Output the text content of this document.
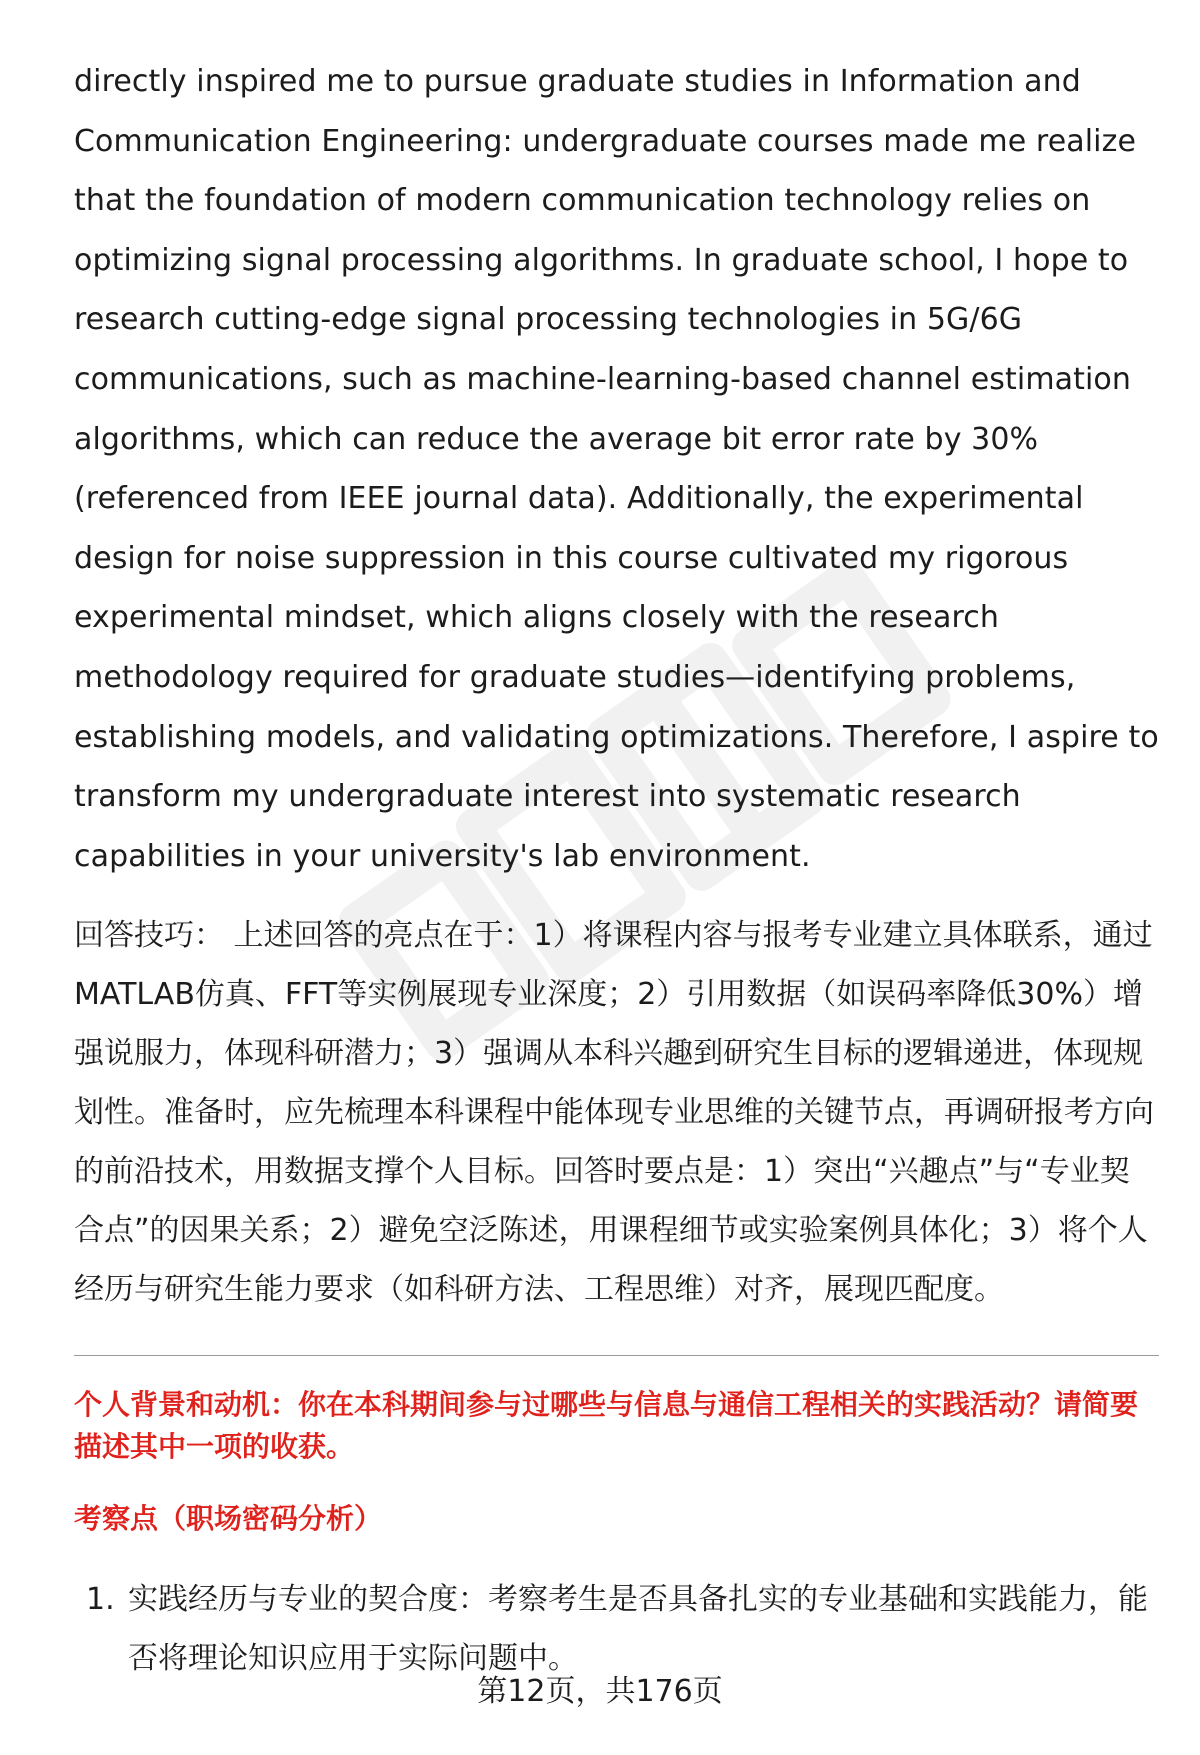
directly inspired me to pursue graduate studies in Information and Communication Engineering: undergraduate courses made me realize that the foundation of modern communication technology relies on optimizing signal processing algorithms. In graduate school, I hope to research cutting-edge signal processing technologies in 5G/6G communications, such as machine-learning-based channel estimation algorithms, which can reduce the average bit error rate by 30% (referenced from IEEE journal data). Additionally, the experimental design for noise suppression in this course cultivated my rigorous experimental mindset, which aligns closely with the research methodology required for graduate studies—identifying problems, establishing models, and validating optimizations. Therefore, I aspire to transform my undergraduate interest into systematic research capabilities in your university's lab environment.

回答技巧： 上述回答的亮点在于：1）将课程内容与报考专业建立具体联系，通过MATLAB仿真、FFT等实例展现专业深度；2）引用数据（如误码率降低30%）增强说服力，体现科研潜力；3）强调从本科兴趣到研究生目标的逻辑递进，体现规划性。准备时，应先梳理本科课程中能体现专业思维的关键节点，再调研报考方向的前沿技术，用数据支撑个人目标。回答时要点是：1）突出“兴趣点”与“专业契合点”的因果关系；2）避免空泛陈述，用课程细节或实验案例具体化；3）将个人经历与研究生能力要求（如科研方法、工程思维）对齐，展现匹配度。

个人背景和动机：你在本科期间参与过哪些与信息与通信工程相关的实践活动？请简要描述其中一项的收获。

考察点（职场密码分析）

1. 实践经历与专业的契合度：考察考生是否具备扎实的专业基础和实践能力，能否将理论知识应用于实际问题中。
第12页，共176页
